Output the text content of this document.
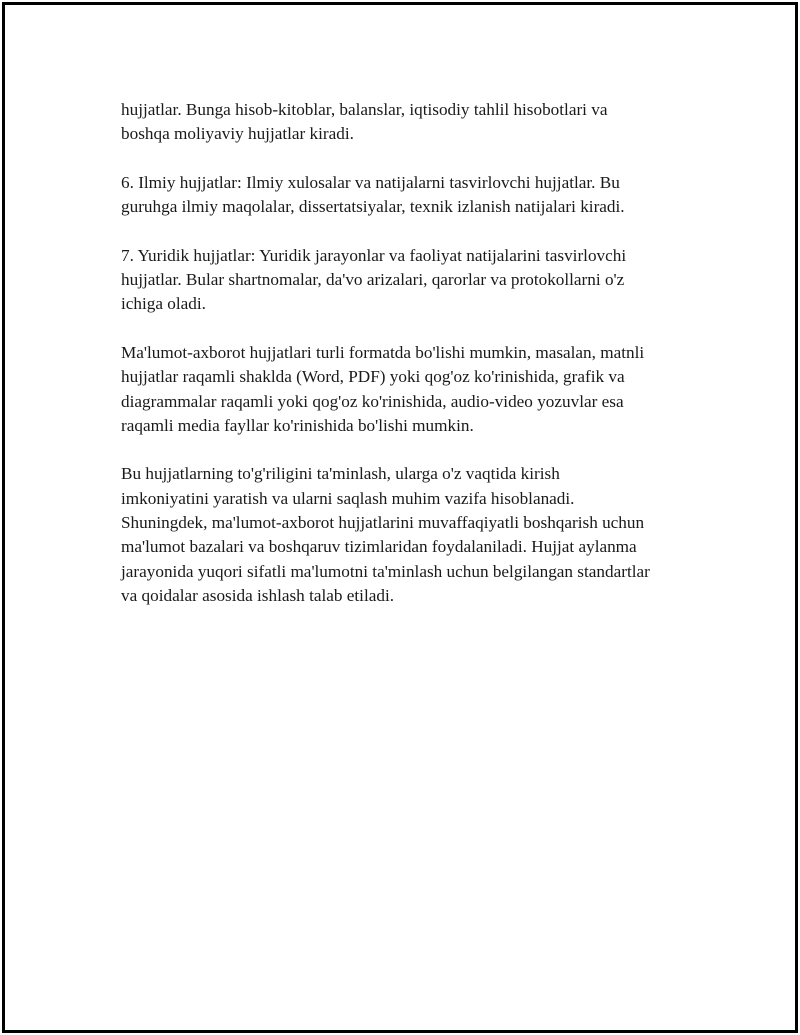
hujjatlar. Bunga hisob-kitoblar, balanslar, iqtisodiy tahlil hisobotlari va
boshqa moliyaviy hujjatlar kiradi.

6. Ilmiy hujjatlar: Ilmiy xulosalar va natijalarni tasvirlovchi hujjatlar. Bu
guruhga ilmiy maqolalar, dissertatsiyalar, texnik izlanish natijalari kiradi.

7. Yuridik hujjatlar: Yuridik jarayonlar va faoliyat natijalarini tasvirlovchi
hujjatlar. Bular shartnomalar, da'vo arizalari, qarorlar va protokollarni o'z
ichiga oladi.

Ma'lumot-axborot hujjatlari turli formatda bo'lishi mumkin, masalan, matnli
hujjatlar raqamli shaklda (Word, PDF) yoki qog'oz ko'rinishida, grafik va
diagrammalar raqamli yoki qog'oz ko'rinishida, audio-video yozuvlar esa
raqamli media fayllar ko'rinishida bo'lishi mumkin.

Bu hujjatlarning to'g'riligini ta'minlash, ularga o'z vaqtida kirish
imkoniyatini yaratish va ularni saqlash muhim vazifa hisoblanadi.
Shuningdek, ma'lumot-axborot hujjatlarini muvaffaqiyatli boshqarish uchun
ma'lumot bazalari va boshqaruv tizimlaridan foydalaniladi. Hujjat aylanma
jarayonida yuqori sifatli ma'lumotni ta'minlash uchun belgilangan standartlar
va qoidalar asosida ishlash talab etiladi.
